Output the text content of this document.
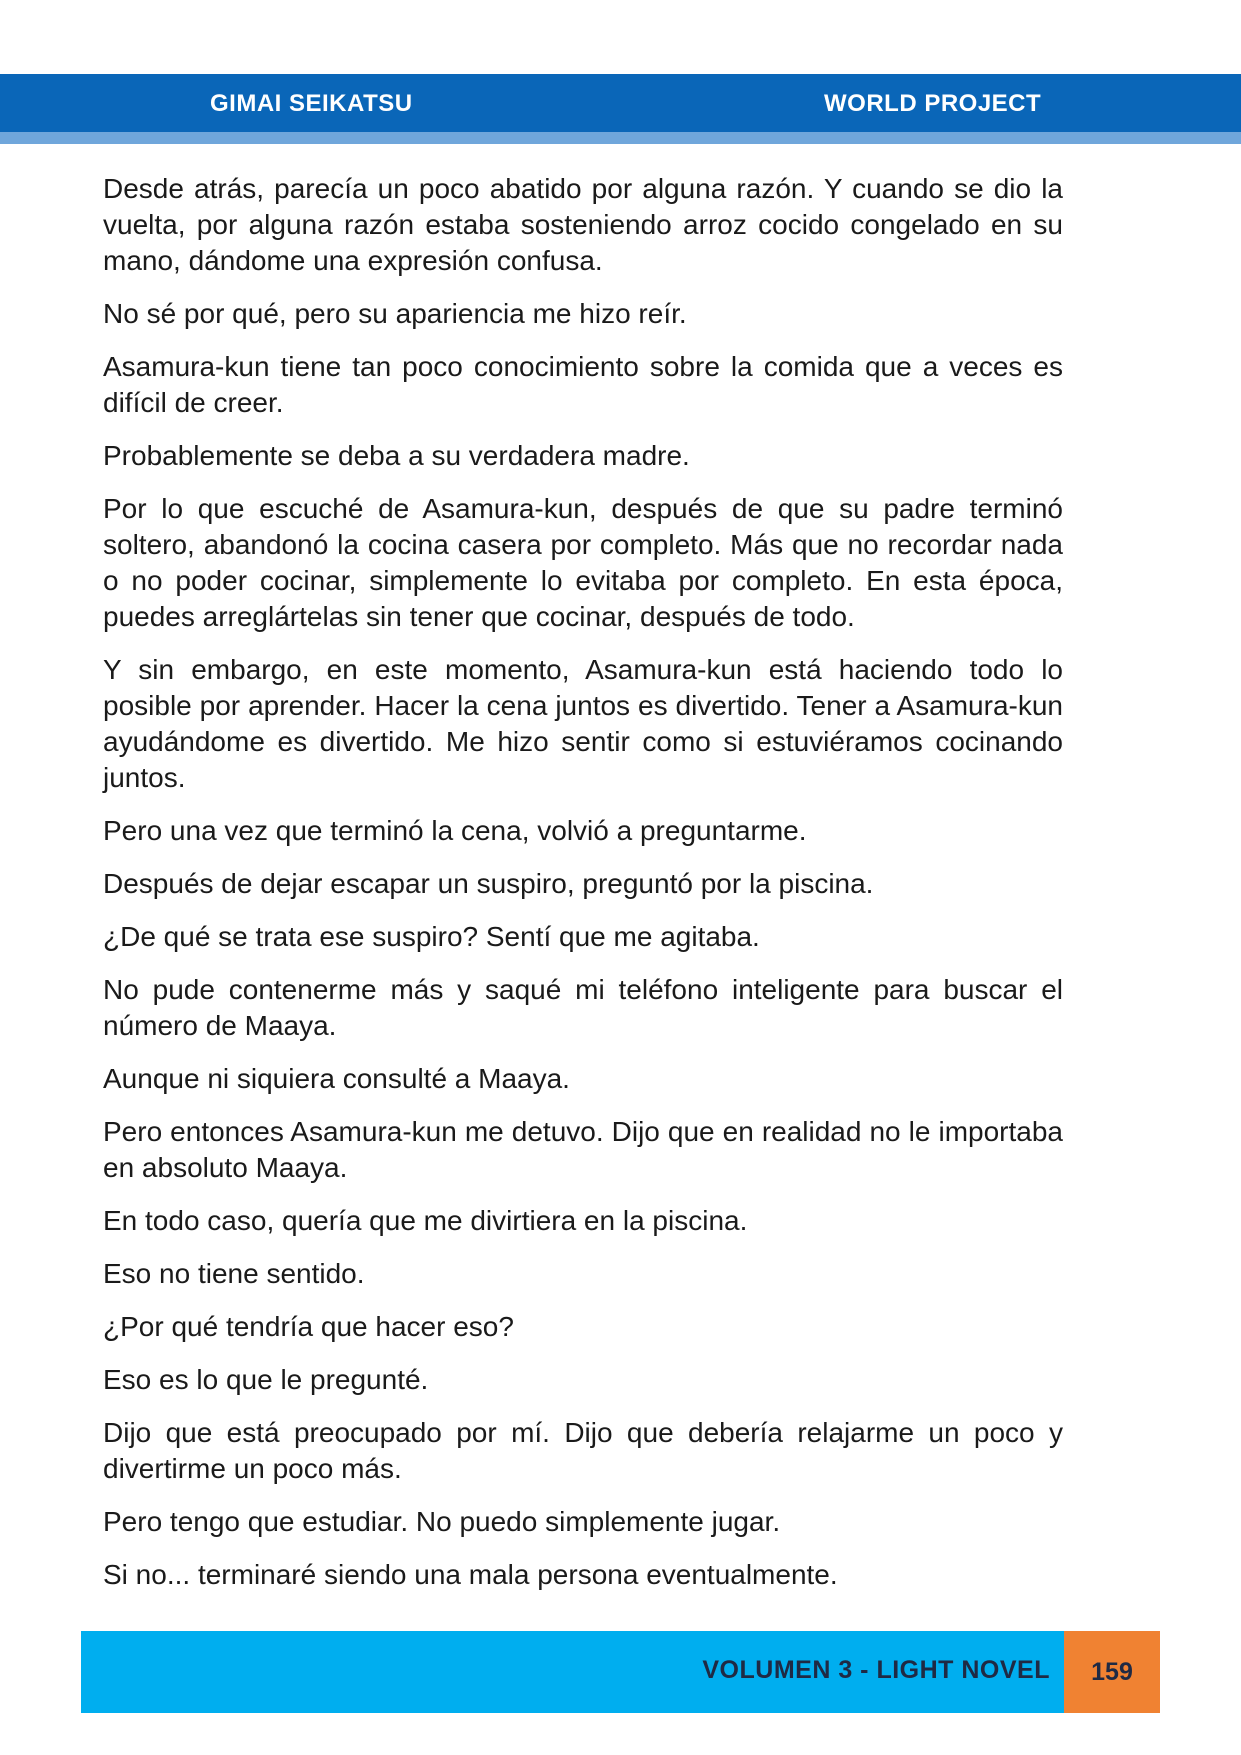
GIMAI SEIKATSU	WORLD PROJECT

Desde atrás, parecía un poco abatido por alguna razón. Y cuando se dio la vuelta, por alguna razón estaba sosteniendo arroz cocido congelado en su mano, dándome una expresión confusa.

No sé por qué, pero su apariencia me hizo reír.

Asamura-kun tiene tan poco conocimiento sobre la comida que a veces es difícil de creer.

Probablemente se deba a su verdadera madre.

Por lo que escuché de Asamura-kun, después de que su padre terminó soltero, abandonó la cocina casera por completo. Más que no recordar nada o no poder cocinar, simplemente lo evitaba por completo. En esta época, puedes arreglártelas sin tener que cocinar, después de todo.

Y sin embargo, en este momento, Asamura-kun está haciendo todo lo posible por aprender. Hacer la cena juntos es divertido. Tener a Asamura-kun ayudándome es divertido. Me hizo sentir como si estuviéramos cocinando juntos.

Pero una vez que terminó la cena, volvió a preguntarme.

Después de dejar escapar un suspiro, preguntó por la piscina.

¿De qué se trata ese suspiro? Sentí que me agitaba.

No pude contenerme más y saqué mi teléfono inteligente para buscar el número de Maaya.

Aunque ni siquiera consulté a Maaya.

Pero entonces Asamura-kun me detuvo. Dijo que en realidad no le importaba en absoluto Maaya.

En todo caso, quería que me divirtiera en la piscina.

Eso no tiene sentido.

¿Por qué tendría que hacer eso?

Eso es lo que le pregunté.

Dijo que está preocupado por mí. Dijo que debería relajarme un poco y divertirme un poco más.

Pero tengo que estudiar. No puedo simplemente jugar.

Si no... terminaré siendo una mala persona eventualmente.

VOLUMEN 3 - LIGHT NOVEL	159
